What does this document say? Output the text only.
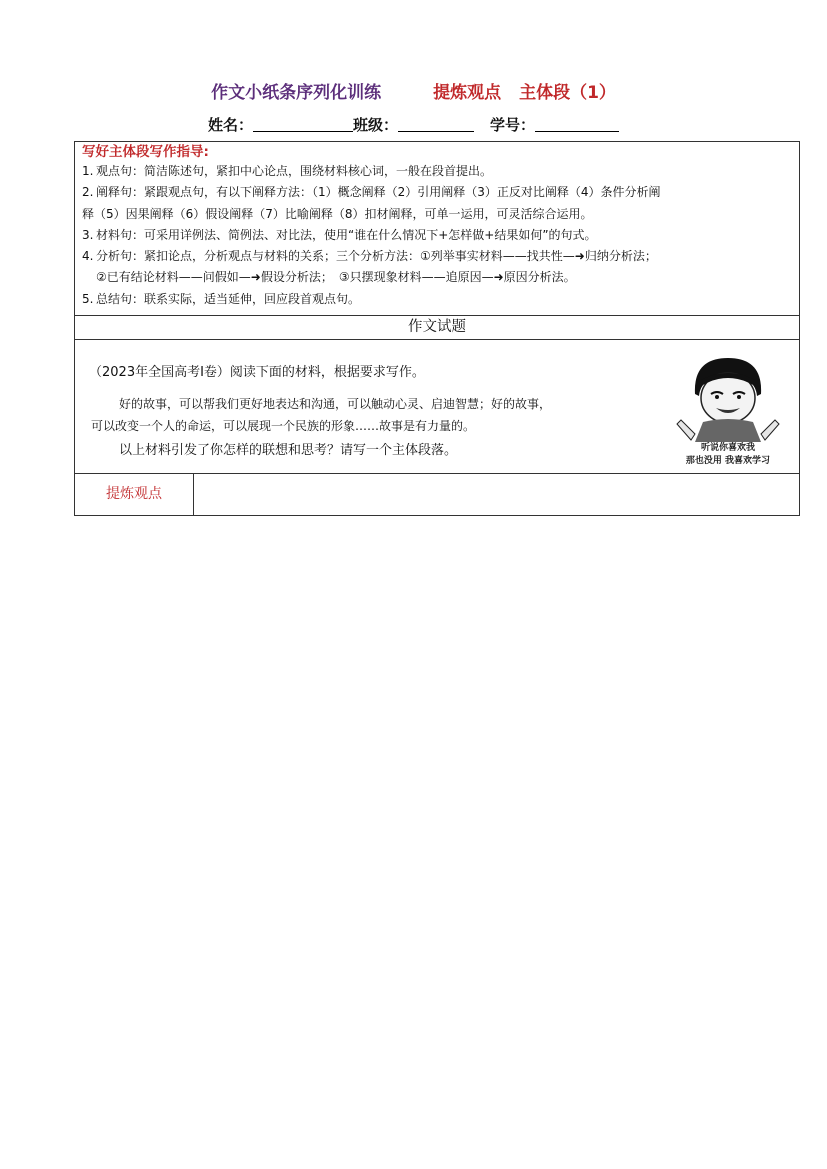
作文小纸条序列化训练	提炼观点 主体段（1）
姓名：	班级：	学号：
写好主体段写作指导:
1. 观点句：简洁陈述句，紧扣中心论点，围绕材料核心词，一般在段首提出。
2. 阐释句：紧跟观点句，有以下阐释方法：（1）概念阐释（2）引用阐释（3）正反对比阐释（4）条件分析阐
释（5）因果阐释（6）假设阐释（7）比喻阐释（8）扣材阐释，可单一运用，可灵活综合运用。
3. 材料句：可采用详例法、简例法、对比法，使用“谁在什么情况下+怎样做+结果如何”的句式。
4. 分析句：紧扣论点，分析观点与材料的关系；三个分析方法：①列举事实材料——找共性—➜归纳分析法；
②已有结论材料——问假如—➜假设分析法；　③只摆现象材料——追原因—➜原因分析法。
5. 总结句：联系实际，适当延伸，回应段首观点句。
作文试题
（2023年全国高考Ⅰ卷）阅读下面的材料，根据要求写作。
好的故事，可以帮我们更好地表达和沟通，可以触动心灵、启迪智慧；好的故事，
可以改变一个人的命运，可以展现一个民族的形象……故事是有力量的。
以上材料引发了你怎样的联想和思考？请写一个主体段落。	听说你喜欢我
那也没用 我喜欢学习
提炼观点
